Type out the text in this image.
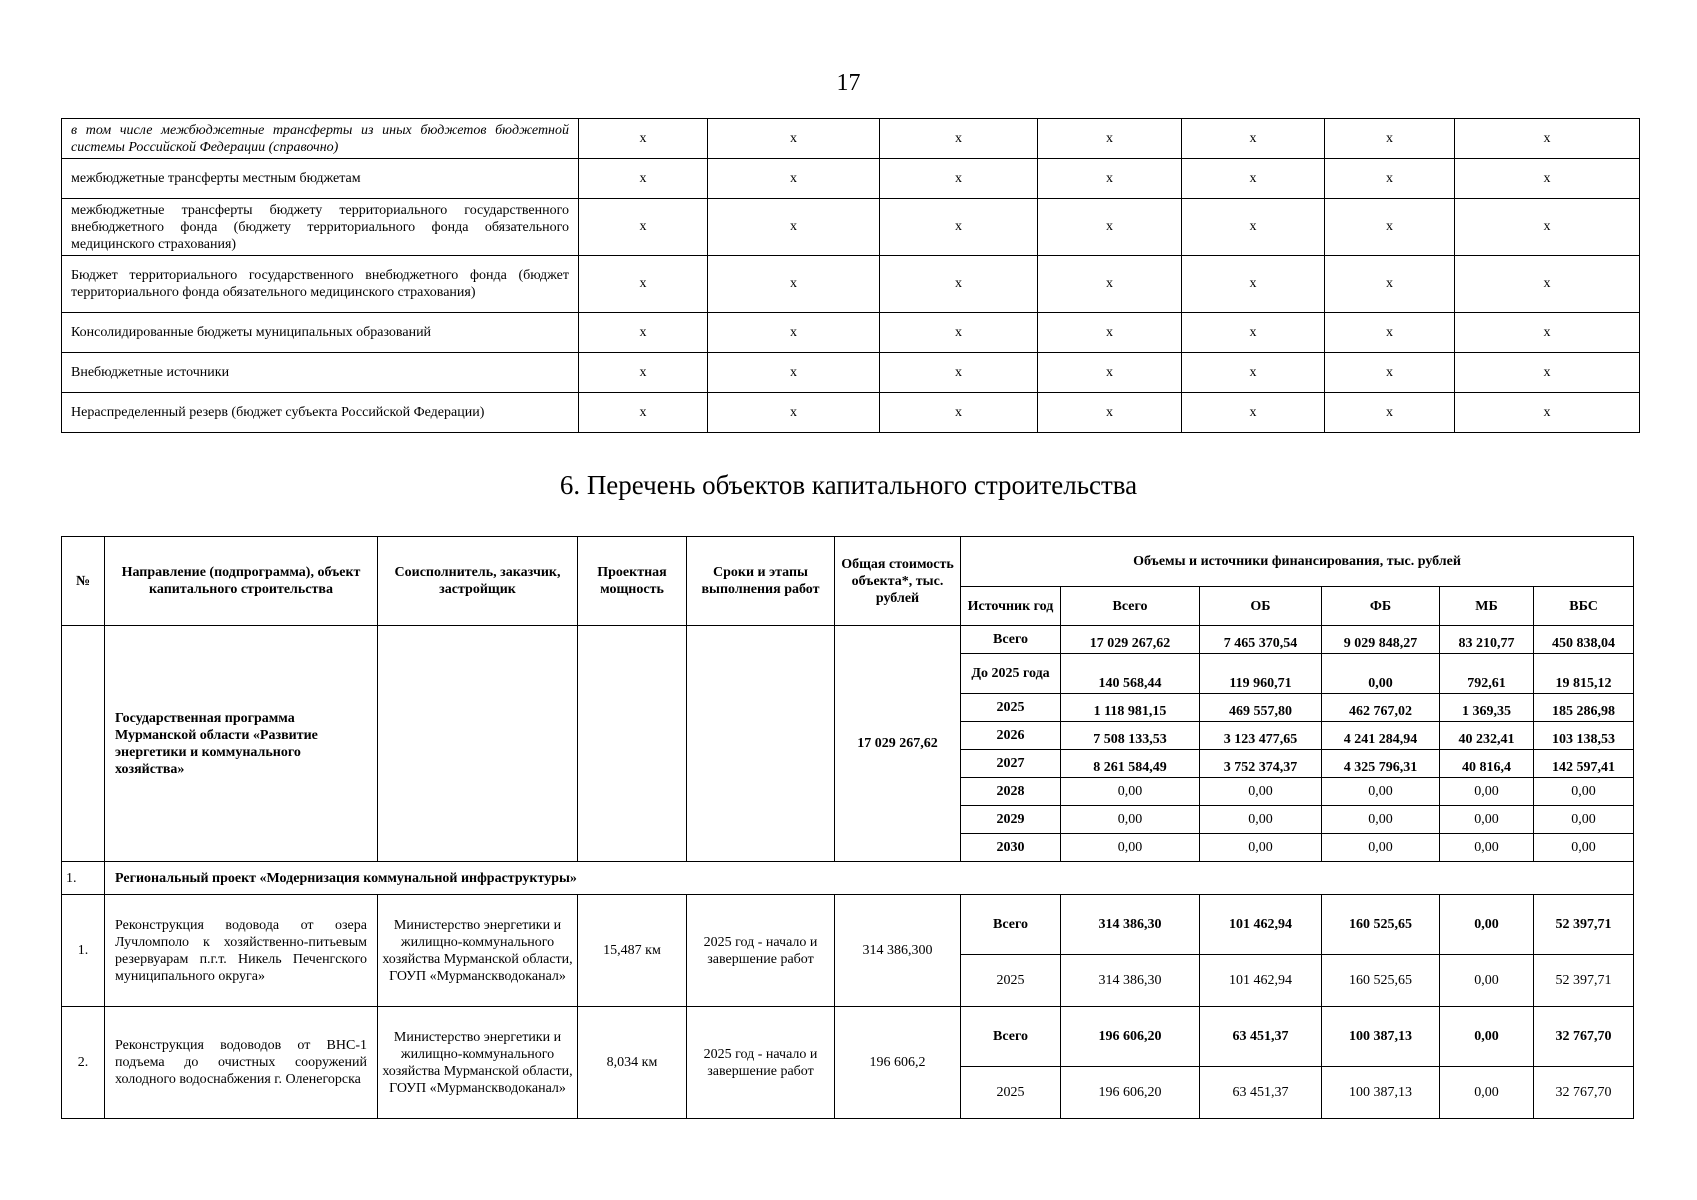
17
в том числе межбюджетные трансферты из иных бюджетов бюджетной системы Российской Федерации (справочно)	x	x	x	x	x	x	x
межбюджетные трансферты местным бюджетам	x	x	x	x	x	x	x
межбюджетные трансферты бюджету территориального государственного внебюджетного фонда (бюджету территориального фонда обязательного медицинского страхования)	x	x	x	x	x	x	x
Бюджет территориального государственного внебюджетного фонда (бюджет территориального фонда обязательного медицинского страхования)	x	x	x	x	x	x	x
Консолидированные бюджеты муниципальных образований	x	x	x	x	x	x	x
Внебюджетные источники	x	x	x	x	x	x	x
Нераспределенный резерв (бюджет субъекта Российской Федерации)	x	x	x	x	x	x	x
6. Перечень объектов капитального строительства
№	Направление (подпрограмма), объект капитального строительства	Соисполнитель, заказчик, застройщик	Проектная мощность	Сроки и этапы выполнения работ	Общая стоимость объекта*, тыс. рублей	Объемы и источники финансирования, тыс. рублей					
						Источник год	Всего	ОБ	ФБ	МБ	ВБС
	Государственная программа Мурманской области «Развитие энергетики и коммунального хозяйства»				17 029 267,62	Всего	17 029 267,62	7 465 370,54	9 029 848,27	83 210,77	450 838,04
						До 2025 года	140 568,44	119 960,71	0,00	792,61	19 815,12
						2025	1 118 981,15	469 557,80	462 767,02	1 369,35	185 286,98
						2026	7 508 133,53	3 123 477,65	4 241 284,94	40 232,41	103 138,53
						2027	8 261 584,49	3 752 374,37	4 325 796,31	40 816,4	142 597,41
						2028	0,00	0,00	0,00	0,00	0,00
						2029	0,00	0,00	0,00	0,00	0,00
						2030	0,00	0,00	0,00	0,00	0,00
1.	Региональный проект «Модернизация коммунальной инфраструктуры»										
1.	Реконструкция водовода от озера Лучломполо к хозяйственно-питьевым резервуарам п.г.т. Никель Печенгского муниципального округа»	Министерство энергетики и жилищно-коммунального хозяйства Мурманской области, ГОУП «Мурманскводоканал»	15,487 км	2025 год - начало и завершение работ	314 386,300	Всего	314 386,30	101 462,94	160 525,65	0,00	52 397,71
						2025	314 386,30	101 462,94	160 525,65	0,00	52 397,71
2.	Реконструкция водоводов от ВНС-1 подъема до очистных сооружений холодного водоснабжения г. Оленегорска	Министерство энергетики и жилищно-коммунального хозяйства Мурманской области, ГОУП «Мурманскводоканал»	8,034 км	2025 год - начало и завершение работ	196 606,2	Всего	196 606,20	63 451,37	100 387,13	0,00	32 767,70
						2025	196 606,20	63 451,37	100 387,13	0,00	32 767,70
